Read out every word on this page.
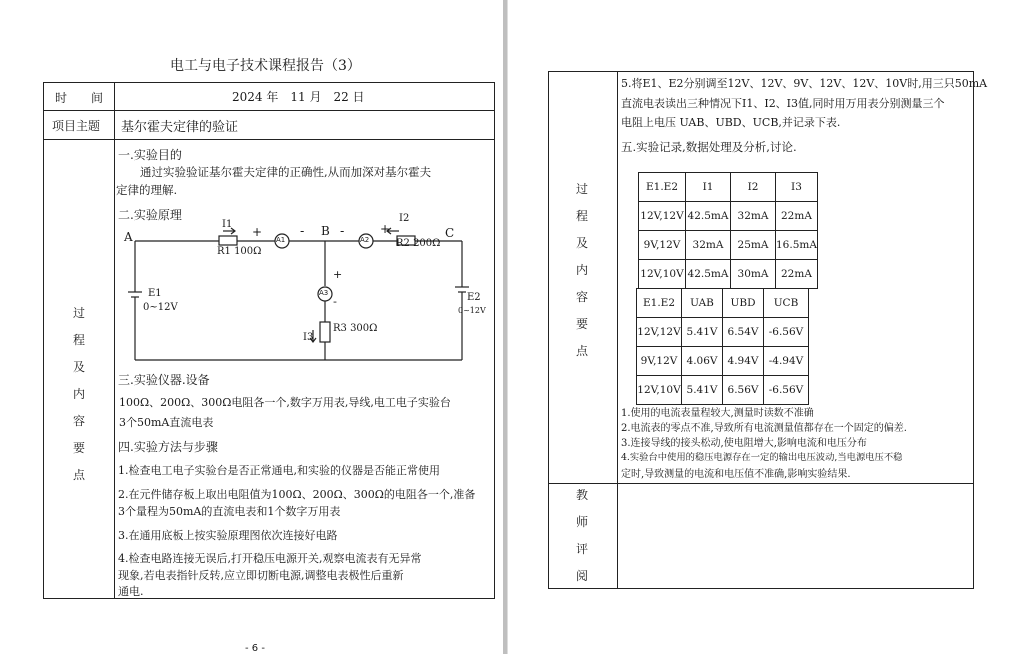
电工与电子技术课程报告（3）
时　　间	2024 年　11 月　22 日
项目主题 基尔霍夫定律的验证
过
程
及
内
容
要
点
一.实验目的
通过实验验证基尔霍夫定律的正确性,从而加深对基尔霍夫
定律的理解.
二.实验原理
A	B	C
I1
R1 100Ω
I2
R2 200Ω
I3
R3 300Ω
E1
0~12V
E2
0~12V
A1	A2
A3
+	-	-	+
+
-
三.实验仪器.设备
100Ω、200Ω、300Ω电阻各一个,数字万用表,导线,电工电子实验台
3个50mA直流电表
四.实验方法与步骤
1.检查电工电子实验台是否正常通电,和实验的仪器是否能正常使用
2.在元件储存板上取出电阻值为100Ω、200Ω、300Ω的电阻各一个,准备
3个量程为50mA的直流电表和1个数字万用表
3.在通用底板上按实验原理图依次连接好电路
4.检查电路连接无误后,打开稳压电源开关,观察电流表有无异常
现象,若电表指针反转,应立即切断电源,调整电表极性后重新
通电.
- 6 -
5.将E1、E2分别调至12V、12V、9V、12V、12V、10V时,用三只50mA
直流电表读出三种情况下I1、I2、I3值,同时用万用表分别测量三个
电阻上电压 UAB、UBD、UCB,并记录下表.
五.实验记录,数据处理及分析,讨论.
过
程
及
内
容
要
点
E1.E2	I1	I2	I3
12V,12V	42.5mA	32mA	22mA
9V,12V	32mA	25mA	16.5mA
12V,10V	42.5mA	30mA	22mA
E1.E2	UAB	UBD	UCB
12V,12V	5.41V	6.54V	-6.56V
9V,12V	4.06V	4.94V	-4.94V
12V,10V	5.41V	6.56V	-6.56V
1.使用的电流表量程较大,测量时读数不准确
2.电流表的零点不准,导致所有电流测量值都存在一个固定的偏差.
3.连接导线的接头松动,使电阻增大,影响电流和电压分布
4.实验台中使用的稳压电源存在一定的输出电压波动,当电源电压不稳
定时,导致测量的电流和电压值不准确,影响实验结果.
教
师
评
阅
